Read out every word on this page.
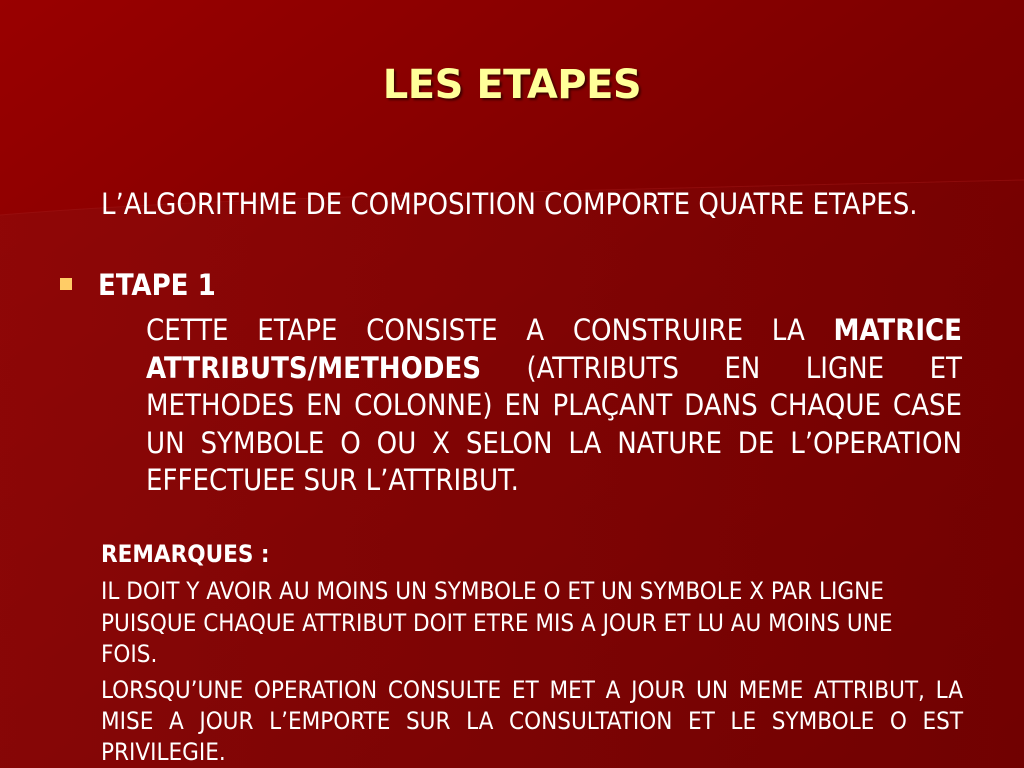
LES ETAPES

L’ALGORITHME DE COMPOSITION COMPORTE QUATRE ETAPES.

ETAPE 1

CETTE ETAPE CONSISTE A CONSTRUIRE LA MATRICE ATTRIBUTS/METHODES (ATTRIBUTS EN LIGNE ET METHODES EN COLONNE) EN PLAÇANT DANS CHAQUE CASE UN SYMBOLE O OU X SELON LA NATURE DE L’OPERATION EFFECTUEE SUR L’ATTRIBUT.

REMARQUES :

IL DOIT Y AVOIR AU MOINS UN SYMBOLE O ET UN SYMBOLE X PAR LIGNE PUISQUE CHAQUE ATTRIBUT DOIT ETRE MIS A JOUR ET LU AU MOINS UNE FOIS.

LORSQU’UNE OPERATION CONSULTE ET MET A JOUR UN MEME ATTRIBUT, LA MISE A JOUR L’EMPORTE SUR LA CONSULTATION ET LE SYMBOLE O EST PRIVILEGIE.
